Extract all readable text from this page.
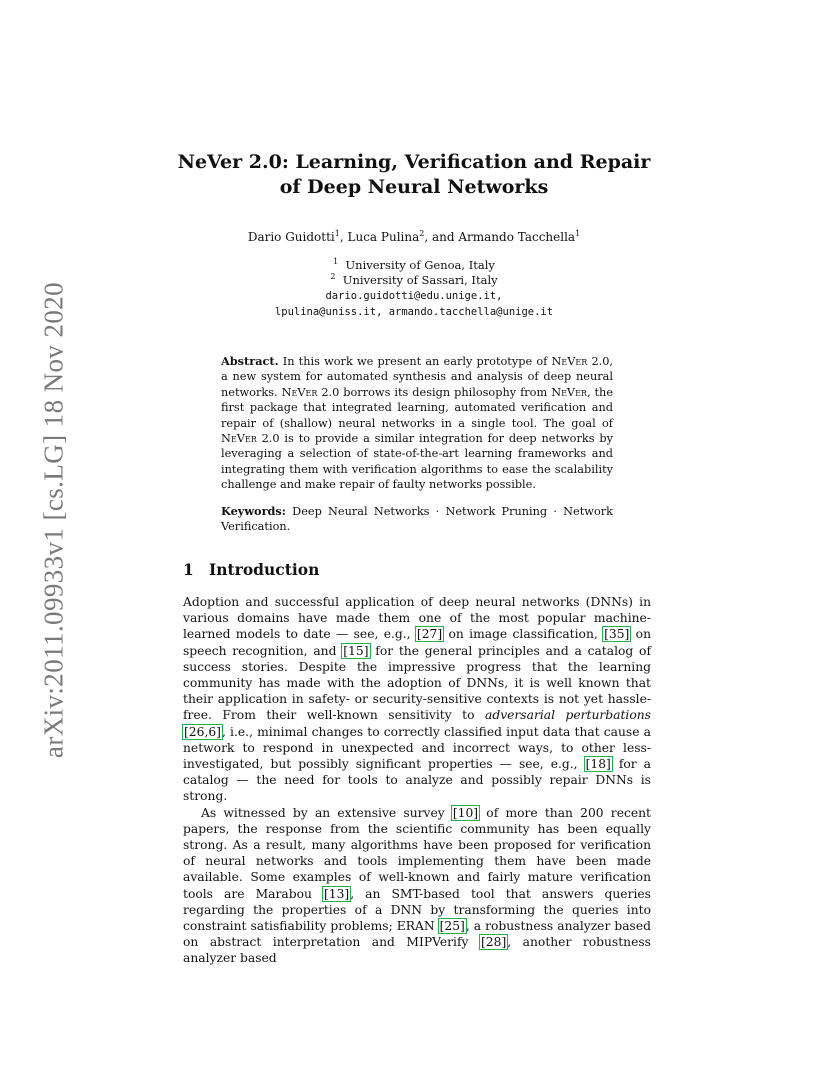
arXiv:2011.09933v1 [cs.LG] 18 Nov 2020
NeVer 2.0: Learning, Verification and Repair
of Deep Neural Networks
Dario Guidotti$^1$, Luca Pulina$^2$, and Armando Tacchella$^1$
$^1$ University of Genoa, Italy
$^2$ University of Sassari, Italy
dario.guidotti@edu.unige.it,
lpulina@uniss.it, armando.tacchella@unige.it
Abstract. In this work we present an early prototype of NeVer 2.0, a new system for automated synthesis and analysis of deep neural networks. NeVer 2.0 borrows its design philosophy from NeVer, the first package that integrated learning, automated verification and repair of (shallow) neural networks in a single tool. The goal of NeVer 2.0 is to provide a similar integration for deep networks by leveraging a selection of state-of-the-art learning frameworks and integrating them with verification algorithms to ease the scalability challenge and make repair of faulty networks possible.
Keywords: Deep Neural Networks · Network Pruning · Network Verification.
1 Introduction

Adoption and successful application of deep neural networks (DNNs) in various domains have made them one of the most popular machine-learned models to date — see, e.g., [27] on image classification, [35] on speech recognition, and [15] for the general principles and a catalog of success stories. Despite the impressive progress that the learning community has made with the adoption of DNNs, it is well known that their application in safety- or security-sensitive contexts is not yet hassle-free. From their well-known sensitivity to adversarial perturbations [26,6], i.e., minimal changes to correctly classified input data that cause a network to respond in unexpected and incorrect ways, to other less-investigated, but possibly significant properties — see, e.g., [18] for a catalog — the need for tools to analyze and possibly repair DNNs is strong.

As witnessed by an extensive survey [10] of more than 200 recent papers, the response from the scientific community has been equally strong. As a result, many algorithms have been proposed for verification of neural networks and tools implementing them have been made available. Some examples of well-known and fairly mature verification tools are Marabou [13], an SMT-based tool that answers queries regarding the properties of a DNN by transforming the queries into constraint satisfiability problems; ERAN [25], a robustness analyzer based on abstract interpretation and MIPVerify [28], another robustness analyzer based
